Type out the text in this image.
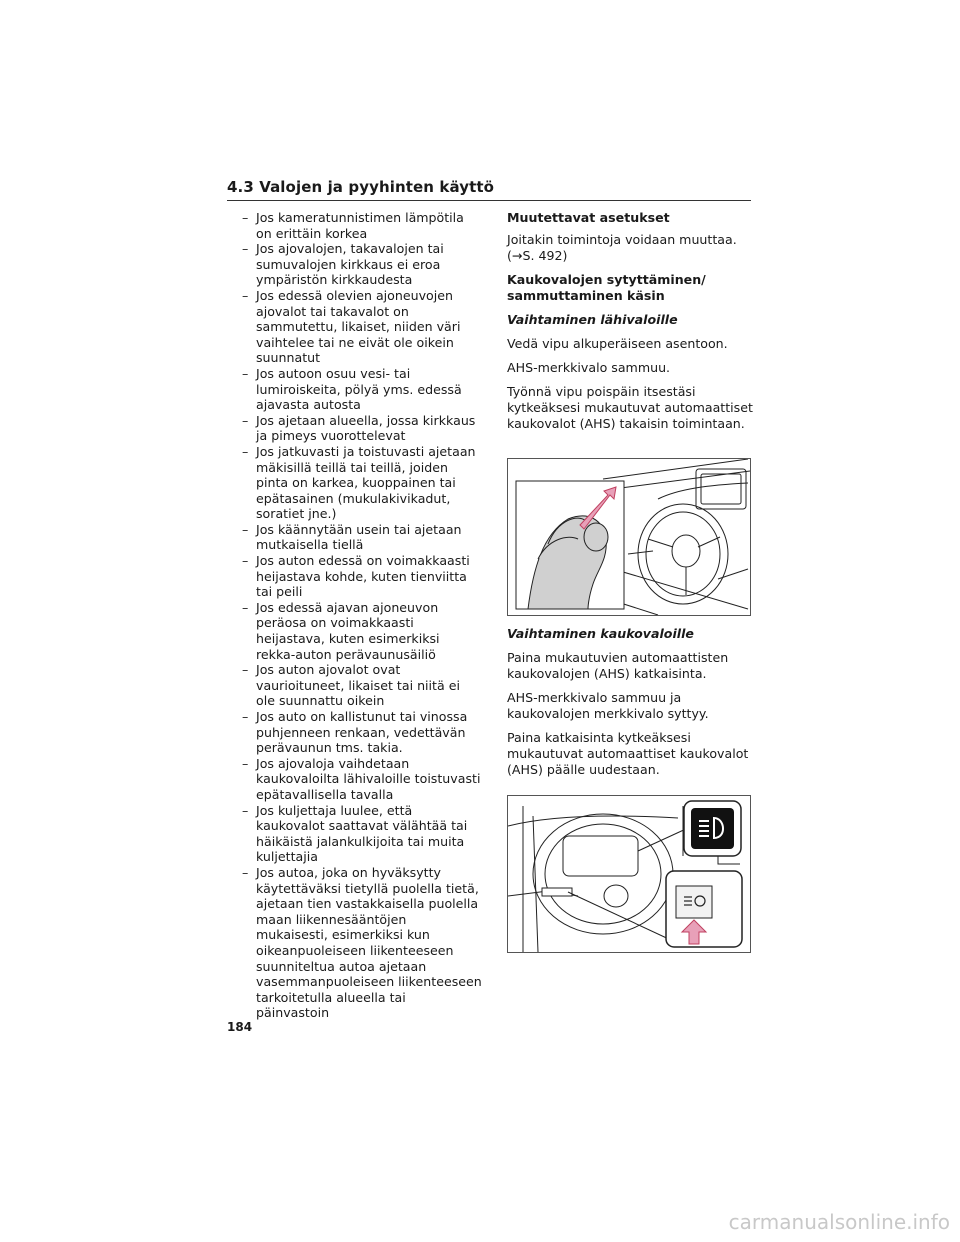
4.3 Valojen ja pyyhinten käyttö
– Jos kameratunnistimen lämpötila on erittäin korkea
– Jos ajovalojen, takavalojen tai sumuvalojen kirkkaus ei eroa ympäristön kirkkaudesta
– Jos edessä olevien ajoneuvojen ajovalot tai takavalot on sammutettu, likaiset, niiden väri vaihtelee tai ne eivät ole oikein suunnatut
– Jos autoon osuu vesi- tai lumiroiskeita, pölyä yms. edessä ajavasta autosta
– Jos ajetaan alueella, jossa kirkkaus ja pimeys vuorottelevat
– Jos jatkuvasti ja toistuvasti ajetaan mäkisillä teillä tai teillä, joiden pinta on karkea, kuoppainen tai epätasainen (mukulakivikadut, soratiet jne.)
– Jos käännytään usein tai ajetaan mutkaisella tiellä
– Jos auton edessä on voimakkaasti heijastava kohde, kuten tienviitta tai peili
– Jos edessä ajavan ajoneuvon peräosa on voimakkaasti heijastava, kuten esimerkiksi rekka-auton perävaunusäiliö
– Jos auton ajovalot ovat vaurioituneet, likaiset tai niitä ei ole suunnattu oikein
– Jos auto on kallistunut tai vinossa puhjenneen renkaan, vedettävän perävaunun tms. takia.
– Jos ajovaloja vaihdetaan kaukovaloilta lähivaloille toistuvasti epätavallisella tavalla
– Jos kuljettaja luulee, että kaukovalot saattavat välähtää tai häikäistä jalankulkijoita tai muita kuljettajia
– Jos autoa, joka on hyväksytty käytettäväksi tietyllä puolella tietä, ajetaan tien vastakkaisella puolella maan liikennesääntöjen mukaisesti, esimerkiksi kun oikeanpuoleiseen liikenteeseen suunniteltua autoa ajetaan vasemmanpuoleiseen liikenteeseen tarkoitetulla alueella tai päinvastoin

Muutettavat asetukset

Joitakin toimintoja voidaan muuttaa.
(→S. 492)

Kaukovalojen sytyttäminen/
sammuttaminen käsin

Vaihtaminen lähivaloille

Vedä vipu alkuperäiseen asentoon.

AHS-merkkivalo sammuu.

Työnnä vipu poispäin itsestäsi kytkeäksesi mukautuvat automaattiset kaukovalot (AHS) takaisin toimintaan.

Vaihtaminen kaukovaloille

Paina mukautuvien automaattisten kaukovalojen (AHS) katkaisinta.

AHS-merkkivalo sammuu ja kaukovalojen merkkivalo syttyy.

Paina katkaisinta kytkeäksesi mukautuvat automaattiset kaukovalot (AHS) päälle uudestaan.

184
carmanualsonline.info
